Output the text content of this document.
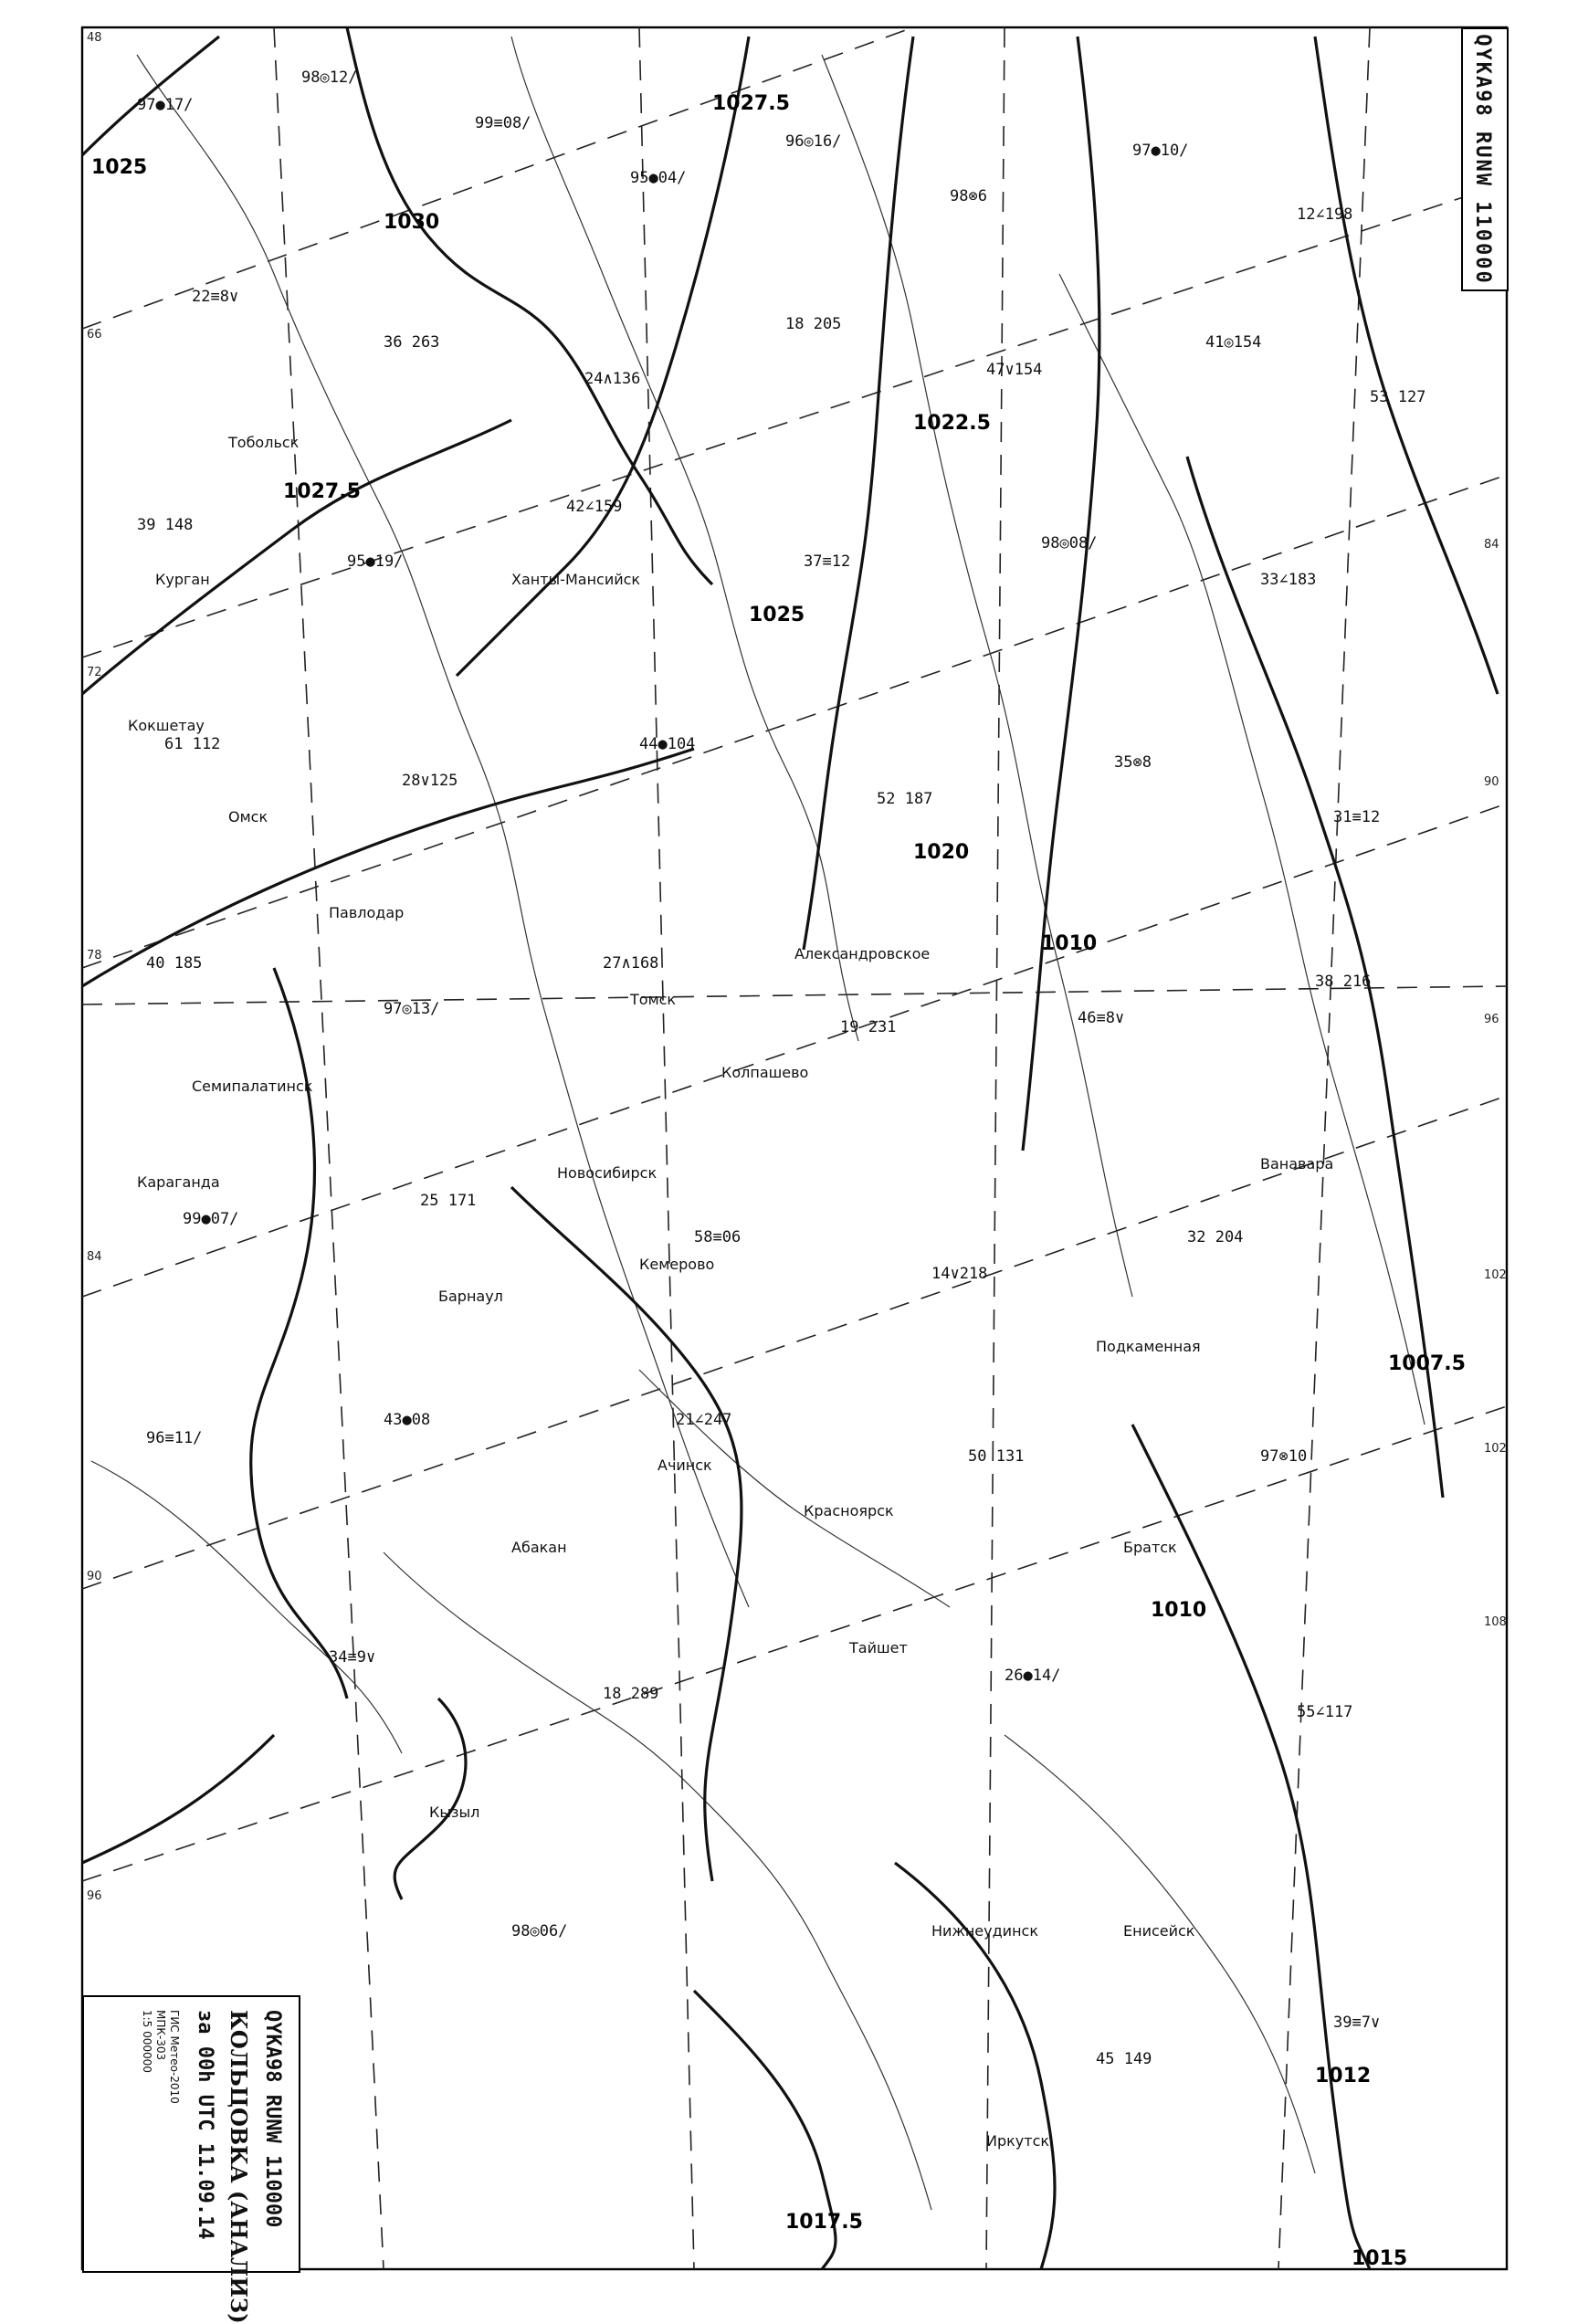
1030
1027.5
1025
1022.5
1020
1017.5
1015
1012
1010
1007.5
1025
1027.5
1010
48
66
72
78
84
90
96
102
108
102
96
90
84
Павлодар
Семипалатинск
Барнаул
Новосибирск
Кемерово
Томск
Красноярск
Ачинск
Тайшет
Братск
Иркутск
Нижнеудинск
Абакан
Кызыл
Енисейск
Александровское
Подкаменная
Ванавара
Колпашево
Ханты-Мансийск
Тобольск
Омск
Курган
Кокшетау
Караганда
97●17/
98◎12/
99≡08/
95●04/
96◎16/
98⊗6
97●10/
12∠198
22≡8∨
36 263
24∧136
18 205
47∨154
41◎154
53 127
39 148
95●19/
42∠159
37≡12
98◎08/
33∠183
61 112
28∨125
44●104
52 187
35⊗8
31≡12
40 185
97◎13/
27∧168
19 231	46≡8∨
38 216
99●07/
25 171
58≡06
14∨218
32 204
96≡11/
43●08	21∠247
50 131	97⊗10
34≡9∨
18 289
26●14/
55∠117
98◎06/
45 149
39≡7∨
QYKA98 RUNW 110000
QYKA98 RUNW 110000
КОЛЬЦОВКА (АНАЛИЗ)
за 00h UTC 11.09.14
ГИС Метео-2010
МПК-303
1:5 000000
